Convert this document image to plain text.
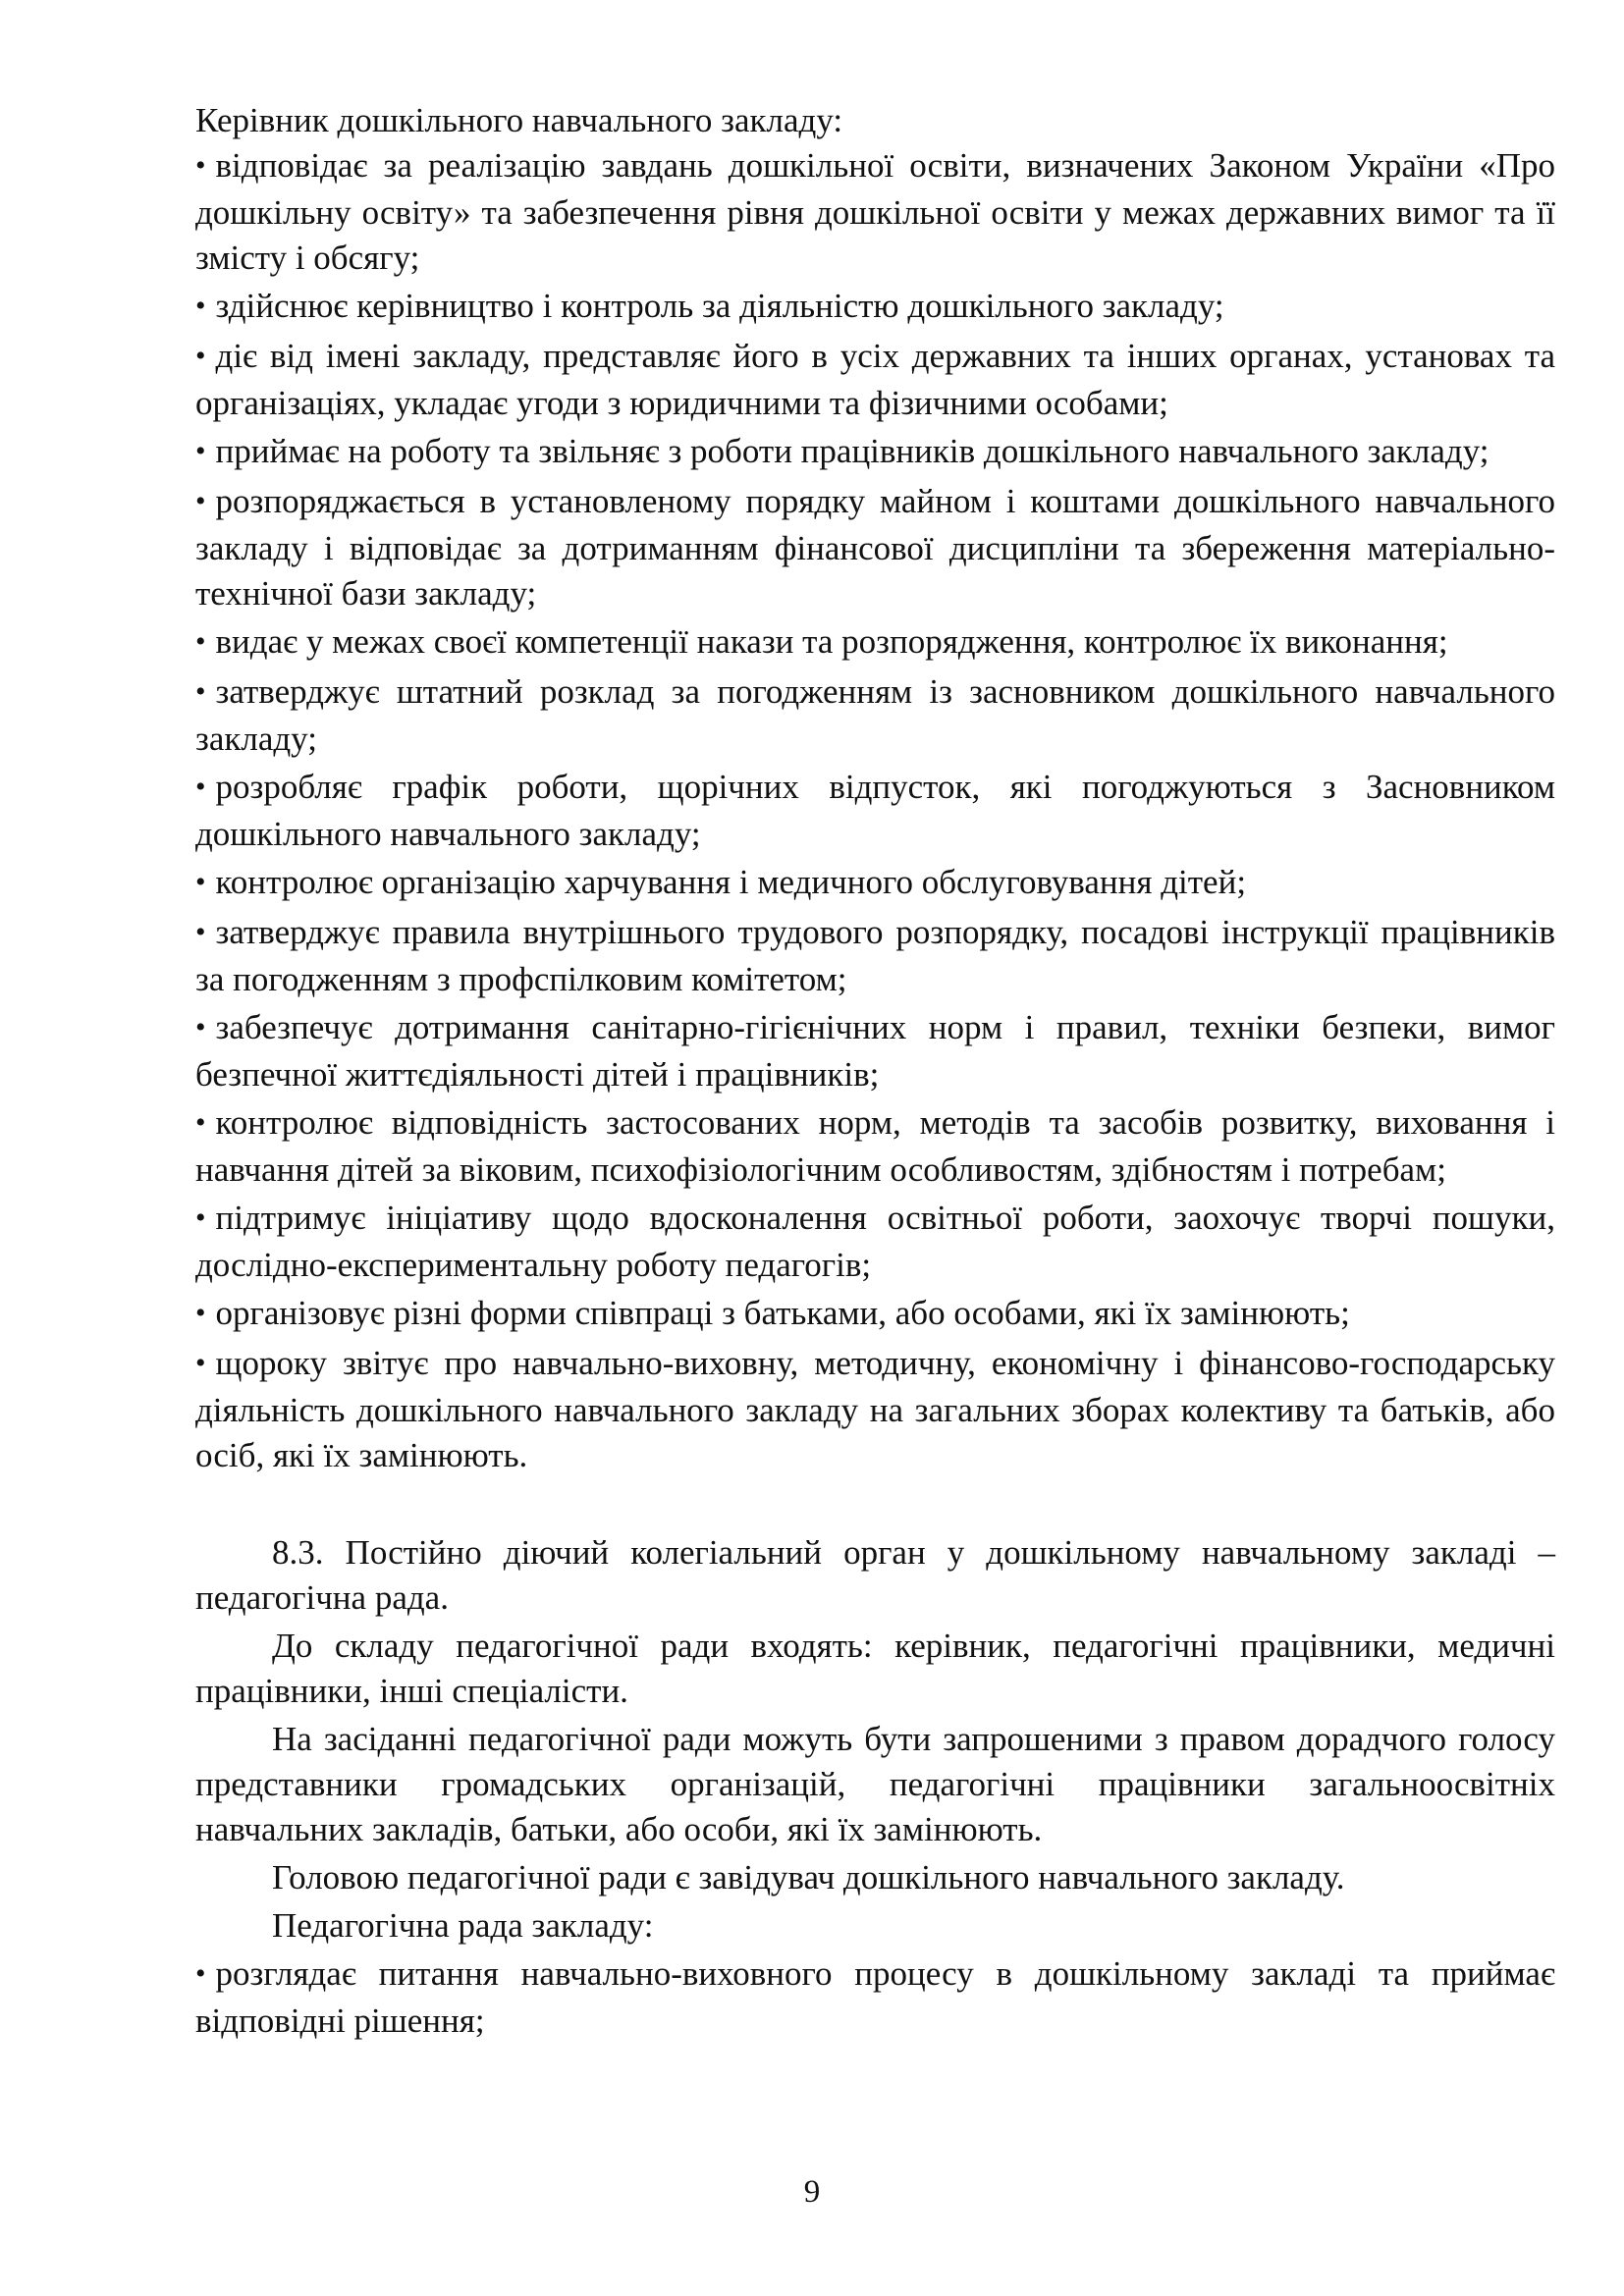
Керівник дошкільного навчального закладу:

• відповідає за реалізацію завдань дошкільної освіти, визначених Законом України «Про дошкільну освіту» та забезпечення рівня дошкільної освіти у межах державних вимог та її змісту і обсягу;
• здійснює керівництво і контроль за діяльністю дошкільного закладу;
• діє від імені закладу, представляє його в усіх державних та інших органах, установах та організаціях, укладає угоди з юридичними та фізичними особами;
• приймає на роботу та звільняє з роботи працівників дошкільного навчального закладу;
• розпоряджається в установленому порядку майном і коштами дошкільного навчального закладу і відповідає за дотриманням фінансової дисципліни та збереження матеріально-технічної бази закладу;
• видає у межах своєї компетенції накази та розпорядження, контролює їх виконання;
• затверджує штатний розклад за погодженням із засновником дошкільного навчального закладу;
• розробляє графік роботи, щорічних відпусток, які погоджуються з Засновником дошкільного навчального закладу;
• контролює організацію харчування і медичного обслуговування дітей;
• затверджує правила внутрішнього трудового розпорядку, посадові інструкції працівників за погодженням з профспілковим комітетом;
• забезпечує дотримання санітарно-гігієнічних норм і правил, техніки безпеки, вимог безпечної життєдіяльності дітей і працівників;
• контролює відповідність застосованих норм, методів та засобів розвитку, виховання і навчання дітей за віковим, психофізіологічним особливостям, здібностям і потребам;
• підтримує ініціативу щодо вдосконалення освітньої роботи, заохочує творчі пошуки, дослідно-експериментальну роботу педагогів;
• організовує різні форми співпраці з батьками, або особами, які їх замінюють;
• щороку звітує про навчально-виховну, методичну, економічну і фінансово-господарську діяльність дошкільного навчального закладу на загальних зборах колективу та батьків, або осіб, які їх замінюють.

8.3. Постійно діючий колегіальний орган у дошкільному навчальному закладі – педагогічна рада.

До складу педагогічної ради входять: керівник, педагогічні працівники, медичні працівники, інші спеціалісти.

На засіданні педагогічної ради можуть бути запрошеними з правом дорадчого голосу представники громадських організацій, педагогічні працівники загальноосвітніх навчальних закладів, батьки, або особи, які їх замінюють.

Головою педагогічної ради є завідувач дошкільного навчального закладу.

Педагогічна рада закладу:

• розглядає питання навчально-виховного процесу в дошкільному закладі та приймає відповідні рішення;
9
